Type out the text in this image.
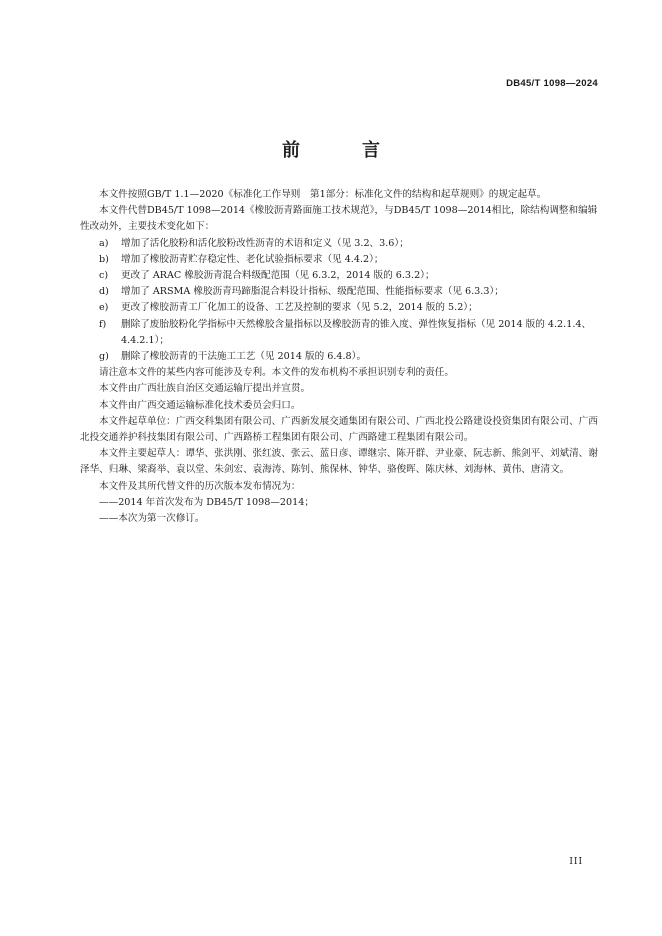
DB45/T 1098—2024
前　言

本文件按照GB/T 1.1—2020《标准化工作导则　第1部分：标准化文件的结构和起草规则》的规定起草。

本文件代替DB45/T 1098—2014《橡胶沥青路面施工技术规范》，与DB45/T 1098—2014相比，除结构调整和编辑性改动外，主要技术变化如下：

a) 增加了活化胶粉和活化胶粉改性沥青的术语和定义（见 3.2、3.6）；

b) 增加了橡胶沥青贮存稳定性、老化试验指标要求（见 4.4.2）；

c) 更改了 ARAC 橡胶沥青混合料级配范围（见 6.3.2，2014 版的 6.3.2）；

d) 增加了 ARSMA 橡胶沥青玛蹄脂混合料设计指标、级配范围、性能指标要求（见 6.3.3）；

e) 更改了橡胶沥青工厂化加工的设备、工艺及控制的要求（见 5.2，2014 版的 5.2）；

f) 删除了废胎胶粉化学指标中天然橡胶含量指标以及橡胶沥青的锥入度、弹性恢复指标（见 2014 版的 4.2.1.4、4.4.2.1）；

g) 删除了橡胶沥青的干法施工工艺（见 2014 版的 6.4.8）。

请注意本文件的某些内容可能涉及专利。本文件的发布机构不承担识别专利的责任。

本文件由广西壮族自治区交通运输厅提出并宣贯。

本文件由广西交通运输标准化技术委员会归口。

本文件起草单位：广西交科集团有限公司、广西新发展交通集团有限公司、广西北投公路建设投资集团有限公司、广西北投交通养护科技集团有限公司、广西路桥工程集团有限公司、广西路建工程集团有限公司。

本文件主要起草人：谭华、张洪刚、张红波、张云、蓝日彦、谭继宗、陈开群、尹业豪、阮志新、熊剑平、刘斌清、谢泽华、归琳、梁裔举、袁以堂、朱剑宏、袁海涛、陈钊、熊保林、钟华、骆俊晖、陈庆林、刘海林、黄伟、唐清文。

本文件及其所代替文件的历次版本发布情况为：

——2014 年首次发布为 DB45/T 1098—2014；

——本次为第一次修订。

III
